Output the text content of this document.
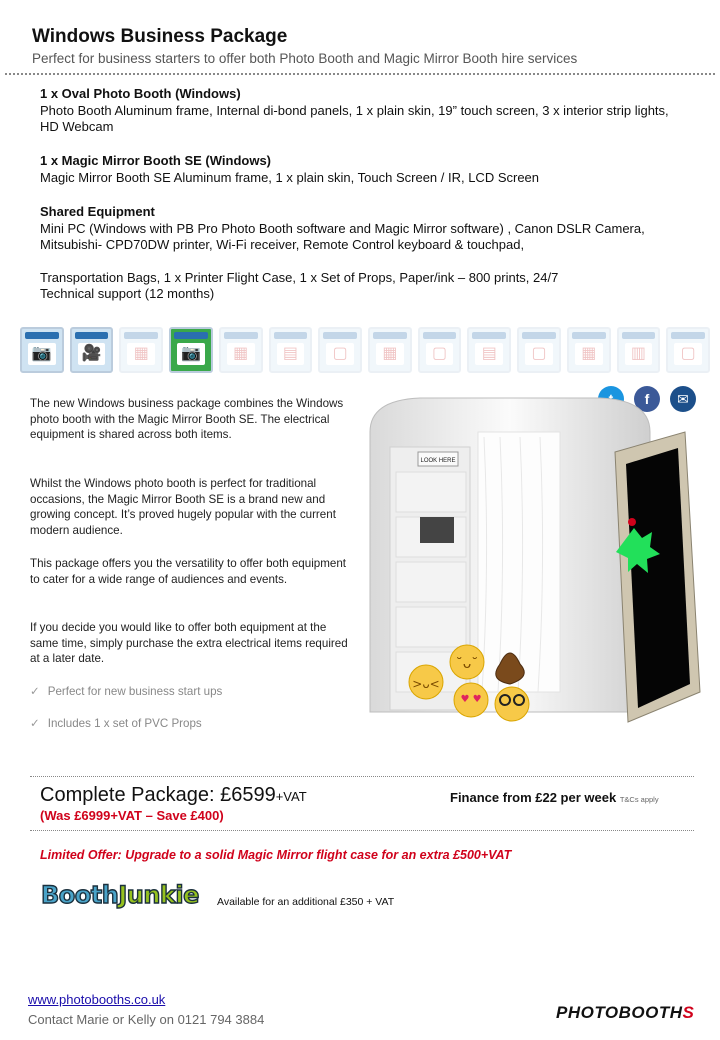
Windows Business Package
Perfect for business starters to offer both Photo Booth and Magic Mirror Booth hire services
1 x Oval Photo Booth (Windows)
Photo Booth Aluminum frame, Internal di-bond panels, 1 x plain skin, 19” touch screen, 3 x interior strip lights, HD Webcam
1 x Magic Mirror Booth SE (Windows)
Magic Mirror Booth SE Aluminum frame, 1 x plain skin, Touch Screen / IR, LCD Screen
Shared Equipment
Mini PC (Windows with PB Pro Photo Booth software and Magic Mirror software) , Canon DSLR Camera, Mitsubishi- CPD70DW printer, Wi-Fi receiver, Remote Control keyboard & touchpad,
Transportation Bags, 1 x Printer Flight Case, 1 x Set of Props, Paper/ink – 800 prints, 24/7 Technical support (12 months)
📷	🎥	▦	📷	▦	▤	▢	▦	▢	▤	▢	▦	▥	▢
f	✉
The new Windows business package combines the Windows photo booth with the Magic Mirror Booth SE. The electrical equipment is shared across both items.
Whilst the Windows photo booth is perfect for traditional occasions, the Magic Mirror Booth SE is a brand new and growing concept. It’s proved hugely popular with the current modern audience.
This package offers you the versatility to offer both equipment to cater for a wide range of audiences and events.
If you decide you would like to offer both equipment at the same time, simply purchase the extra electrical items required at a later date.
✓ Perfect for new business start ups
✓ Includes 1 x set of PVC Props
LOOK HERE
˘ᴗ˘
>ᴗ<
♥ ♥
Complete Package: £6599+VAT
(Was £6999+VAT – Save £400)
Finance from £22 per week T&Cs apply
Limited Offer: Upgrade to a solid Magic Mirror flight case for an extra £500+VAT
BoothJunkie Available for an additional £350 + VAT
www.photobooths.co.uk
Contact Marie or Kelly on 0121 794 3884	PHOTOBOOTHS
